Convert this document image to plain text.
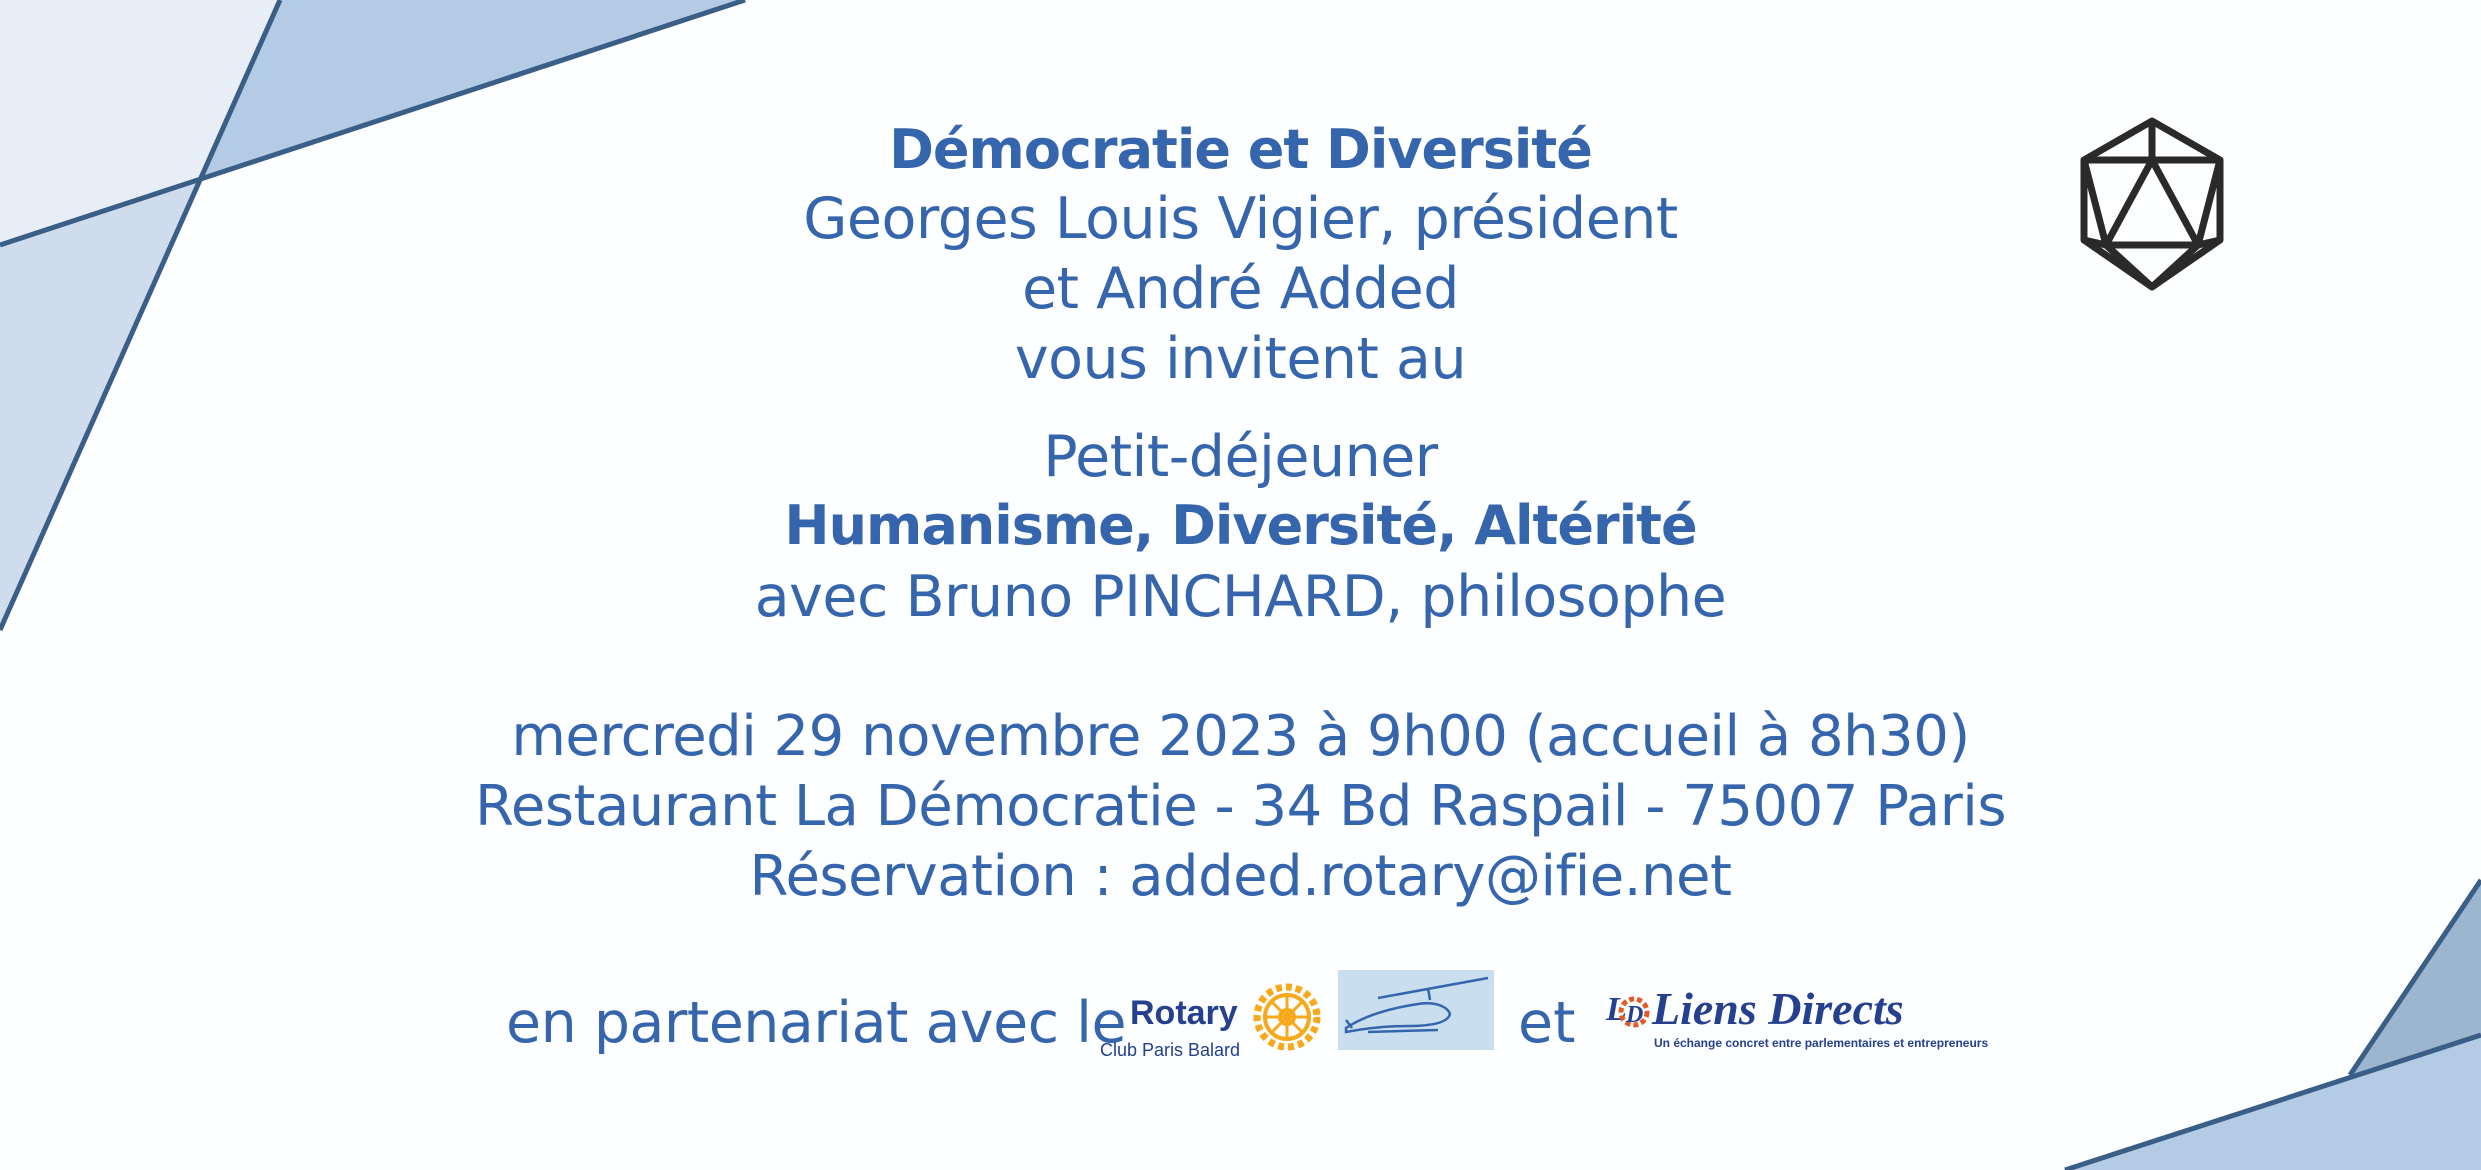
Démocratie et Diversité
Georges Louis Vigier, président
et André Added
vous invitent au
Petit-déjeuner
Humanisme, Diversité, Altérité
avec Bruno PINCHARD, philosophe
mercredi 29 novembre 2023 à 9h00 (accueil à 8h30)
Restaurant La Démocratie - 34 Bd Raspail - 75007 Paris
Réservation : added.rotary@ifie.net
en partenariat avec le Rotary
Club Paris Balard	et L D Liens Directs
Un échange concret entre parlementaires et entrepreneurs
